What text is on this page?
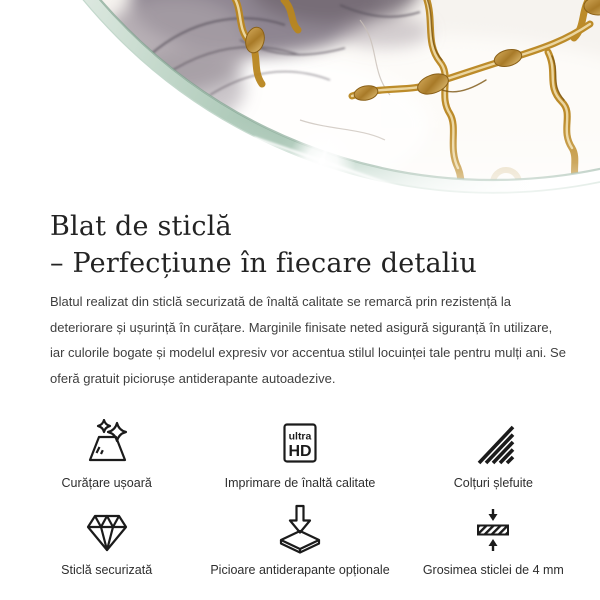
Blat de sticlă
– Perfecțiune în fiecare detaliu

Blatul realizat din sticlă securizată de înaltă calitate se remarcă prin rezistență la deteriorare și ușurință în curățare. Marginile finisate neted asigură siguranță în utilizare, iar culorile bogate și modelul expresiv vor accentua stilul locuinței tale pentru mulți ani. Se oferă gratuit piciorușe antiderapante autoadezive.

Curățare ușoară
ultra
HD
Imprimare de înaltă calitate	Colțuri șlefuite
Sticlă securizată	Picioare antiderapante opționale	Grosimea sticlei de 4 mm
